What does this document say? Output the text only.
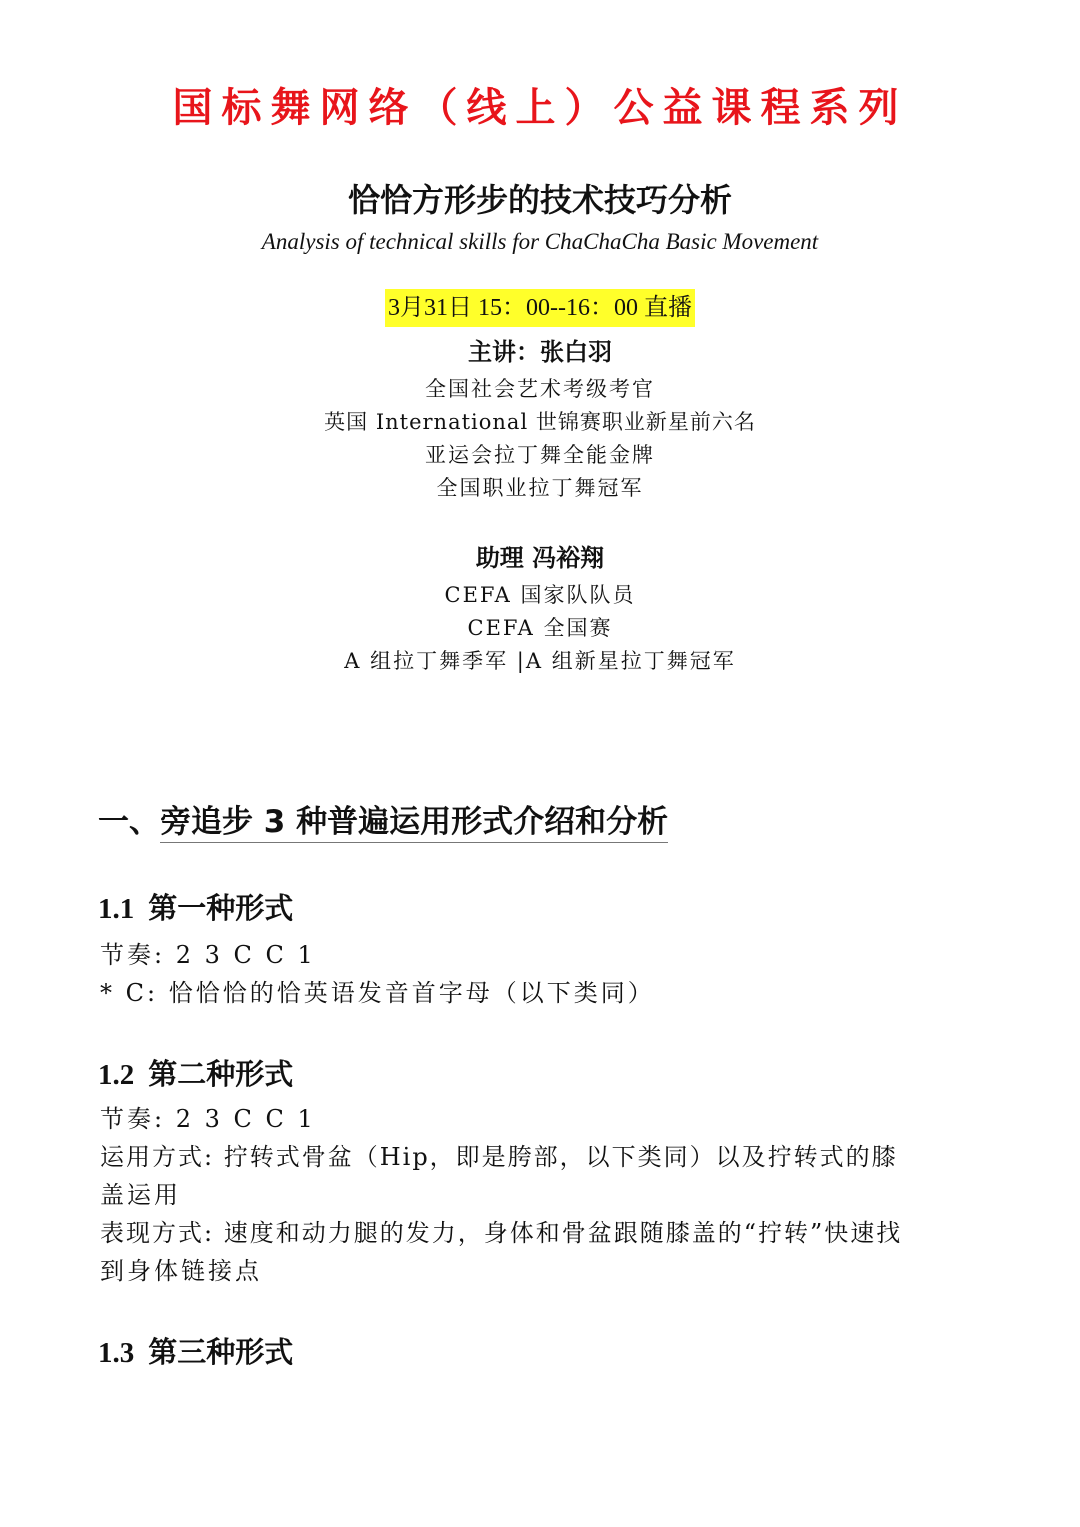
国标舞网络（线上）公益课程系列
恰恰方形步的技术技巧分析
Analysis of technical skills for ChaChaCha Basic Movement
3月31日 15：00--16：00 直播
主讲：张白羽
全国社会艺术考级考官
英国 International 世锦赛职业新星前六名
亚运会拉丁舞全能金牌
全国职业拉丁舞冠军
助理 冯裕翔
CEFA 国家队队员
CEFA 全国赛
A 组拉丁舞季军 |A 组新星拉丁舞冠军
一、旁追步 3 种普遍运用形式介绍和分析
1.1 第一种形式
节奏: 2 3 C C 1
* C: 恰恰恰的恰英语发音首字母（以下类同）
1.2 第二种形式
节奏: 2 3 C C 1
运用方式: 拧转式骨盆（Hip，即是胯部，以下类同）以及拧转式的膝
盖运用
表现方式: 速度和动力腿的发力，身体和骨盆跟随膝盖的“拧转”快速找
到身体链接点
1.3 第三种形式
